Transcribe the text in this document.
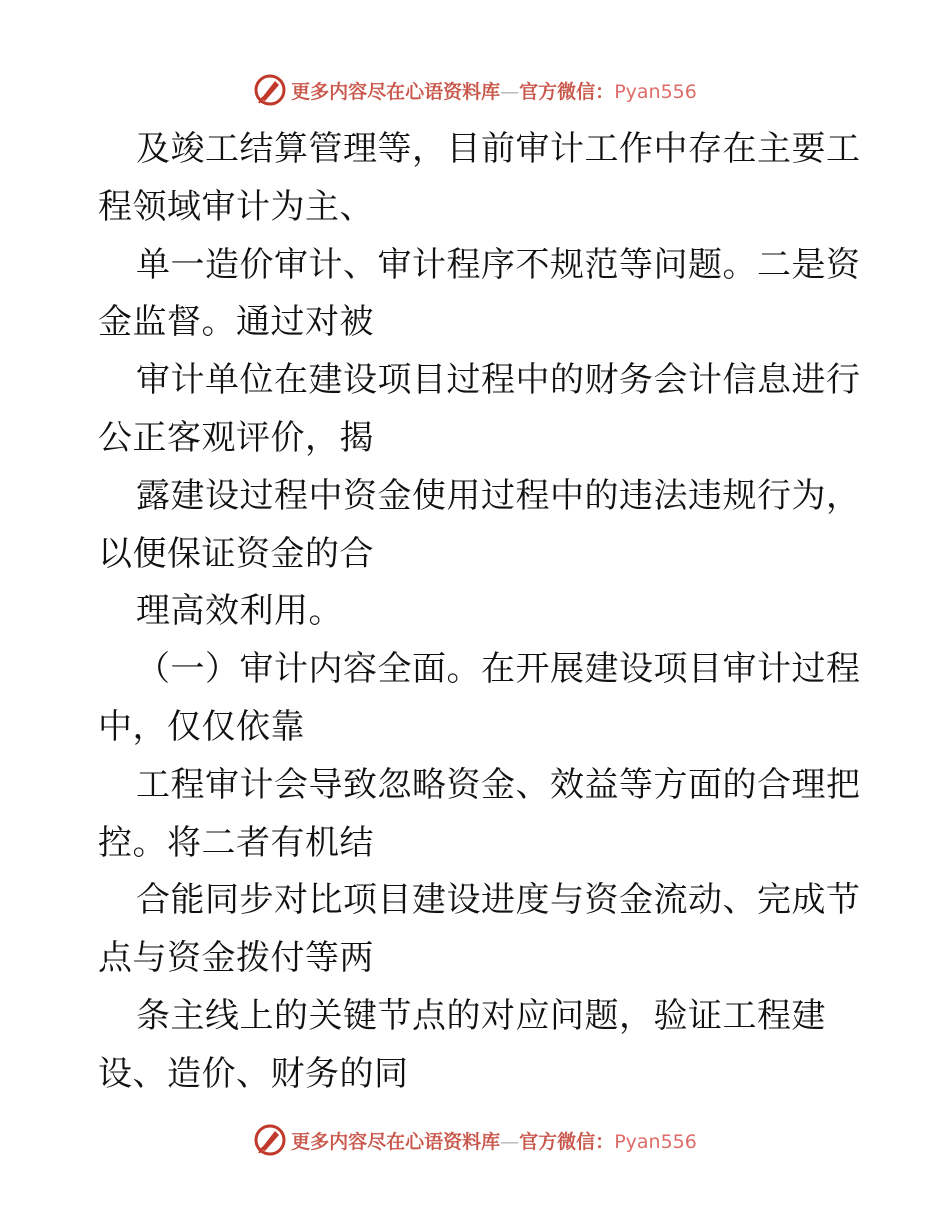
更多内容尽在心语资料库—官方微信：Pyan556
及竣工结算管理等，目前审计工作中存在主要工
程领域审计为主、
单一造价审计、审计程序不规范等问题。二是资
金监督。通过对被
审计单位在建设项目过程中的财务会计信息进行
公正客观评价，揭
露建设过程中资金使用过程中的违法违规行为，
以便保证资金的合
理高效利用。
（一）审计内容全面。在开展建设项目审计过程
中，仅仅依靠
工程审计会导致忽略资金、效益等方面的合理把
控。将二者有机结
合能同步对比项目建设进度与资金流动、完成节
点与资金拨付等两
条主线上的关键节点的对应问题，验证工程建
设、造价、财务的同
更多内容尽在心语资料库—官方微信：Pyan556
